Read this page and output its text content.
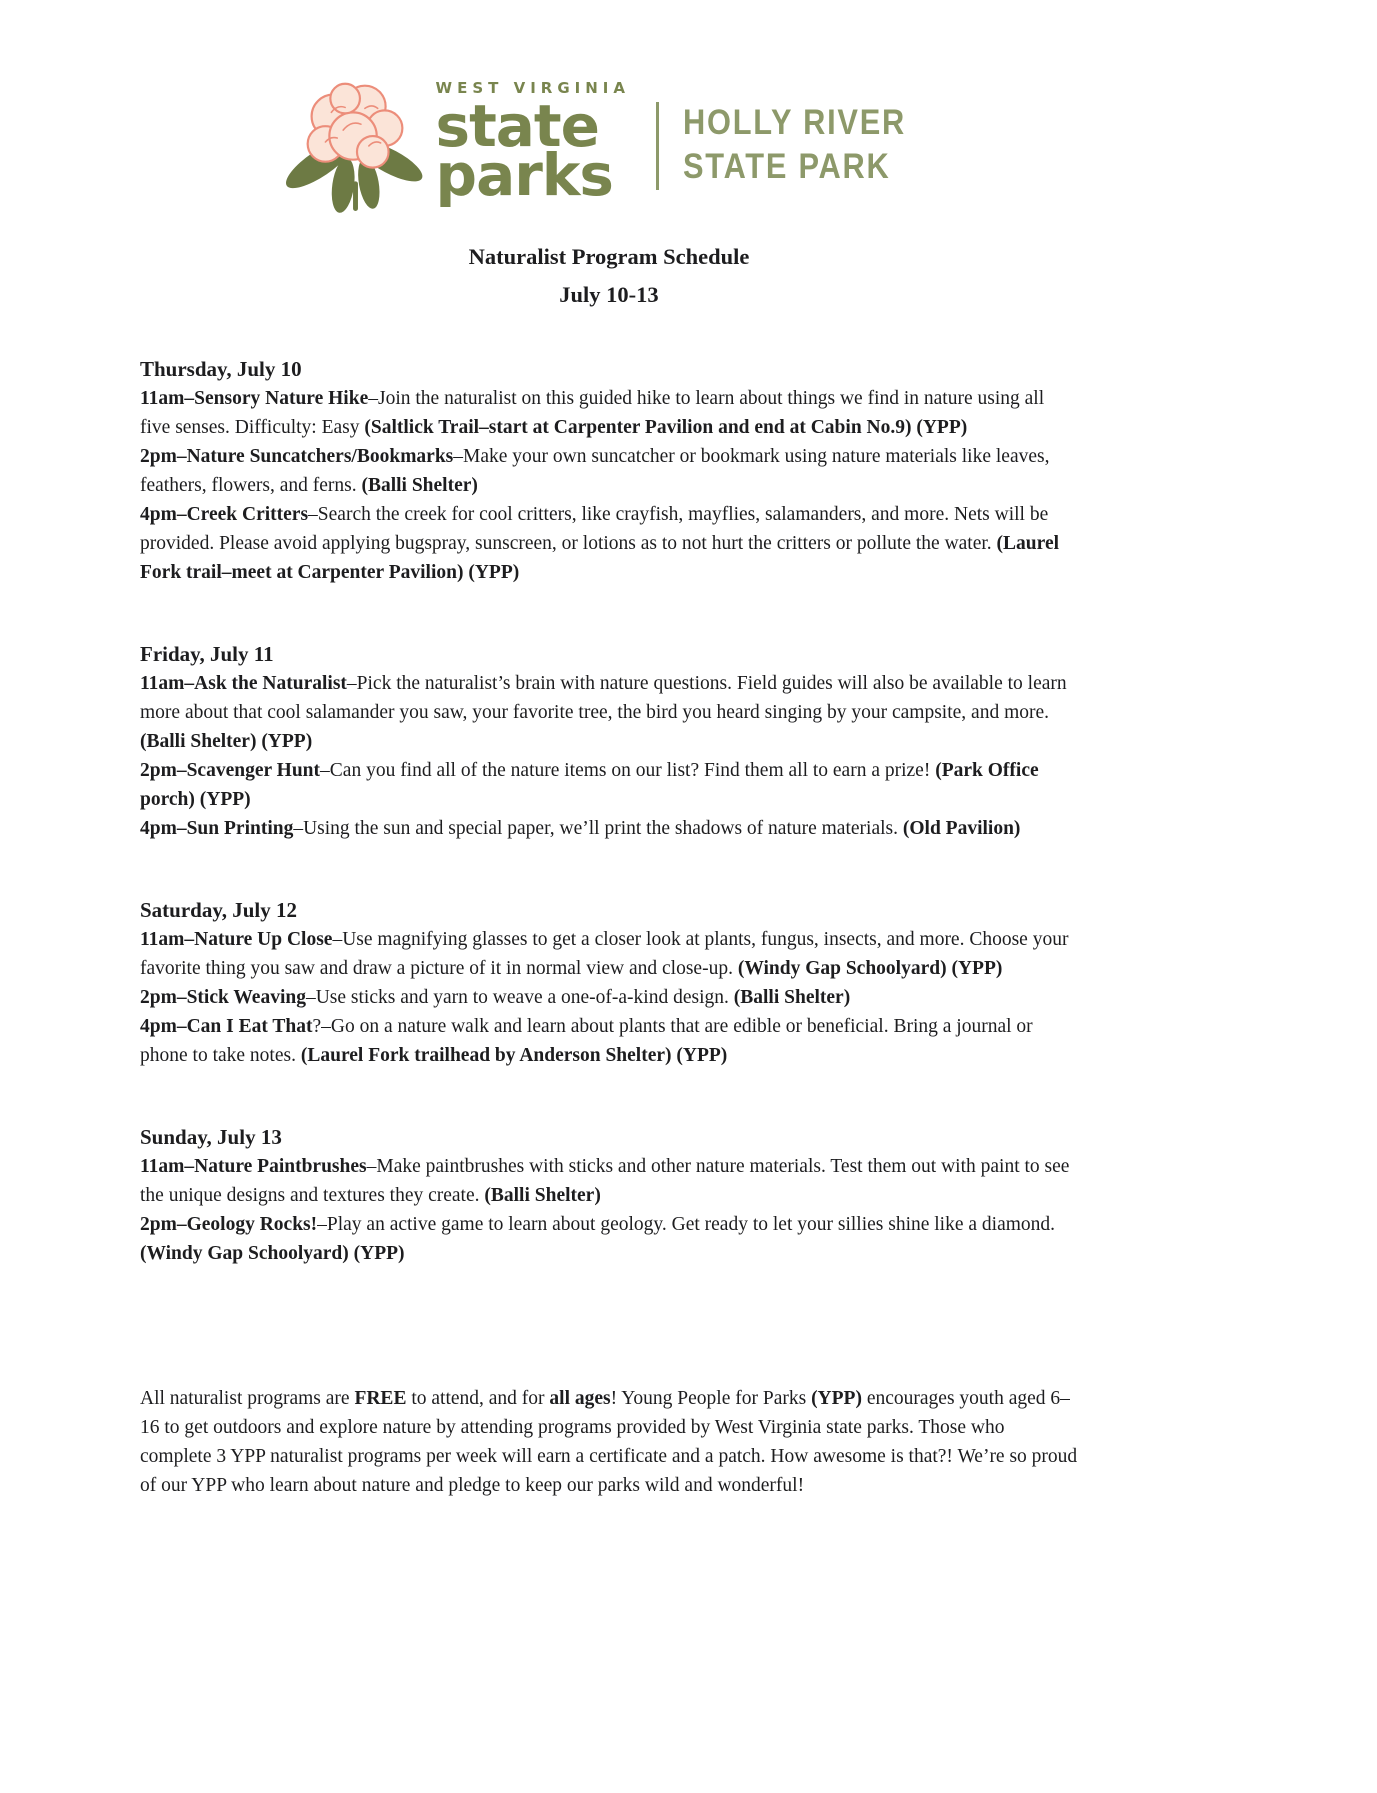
WEST VIRGINIA
state
parks
HOLLY RIVER
STATE PARK
Naturalist Program Schedule
July 10-13
Thursday, July 10

11am–Sensory Nature Hike–Join the naturalist on this guided hike to learn about things we find in nature using all five senses. Difficulty: Easy (Saltlick Trail–start at Carpenter Pavilion and end at Cabin No.9) (YPP)

2pm–Nature Suncatchers/Bookmarks–Make your own suncatcher or bookmark using nature materials like leaves, feathers, flowers, and ferns. (Balli Shelter)

4pm–Creek Critters–Search the creek for cool critters, like crayfish, mayflies, salamanders, and more. Nets will be provided. Please avoid applying bugspray, sunscreen, or lotions as to not hurt the critters or pollute the water. (Laurel Fork trail–meet at Carpenter Pavilion) (YPP)

Friday, July 11

11am–Ask the Naturalist–Pick the naturalist’s brain with nature questions. Field guides will also be available to learn more about that cool salamander you saw, your favorite tree, the bird you heard singing by your campsite, and more. (Balli Shelter) (YPP)

2pm–Scavenger Hunt–Can you find all of the nature items on our list? Find them all to earn a prize! (Park Office porch) (YPP)

4pm–Sun Printing–Using the sun and special paper, we’ll print the shadows of nature materials. (Old Pavilion)

Saturday, July 12

11am–Nature Up Close–Use magnifying glasses to get a closer look at plants, fungus, insects, and more. Choose your favorite thing you saw and draw a picture of it in normal view and close-up. (Windy Gap Schoolyard) (YPP)

2pm–Stick Weaving–Use sticks and yarn to weave a one-of-a-kind design. (Balli Shelter)

4pm–Can I Eat That?–Go on a nature walk and learn about plants that are edible or beneficial. Bring a journal or phone to take notes. (Laurel Fork trailhead by Anderson Shelter) (YPP)

Sunday, July 13

11am–Nature Paintbrushes–Make paintbrushes with sticks and other nature materials. Test them out with paint to see the unique designs and textures they create. (Balli Shelter)

2pm–Geology Rocks!–Play an active game to learn about geology. Get ready to let your sillies shine like a diamond. (Windy Gap Schoolyard) (YPP)

All naturalist programs are FREE to attend, and for all ages! Young People for Parks (YPP) encourages youth aged 6–16 to get outdoors and explore nature by attending programs provided by West Virginia state parks. Those who complete 3 YPP naturalist programs per week will earn a certificate and a patch. How awesome is that?! We’re so proud of our YPP who learn about nature and pledge to keep our parks wild and wonderful!
